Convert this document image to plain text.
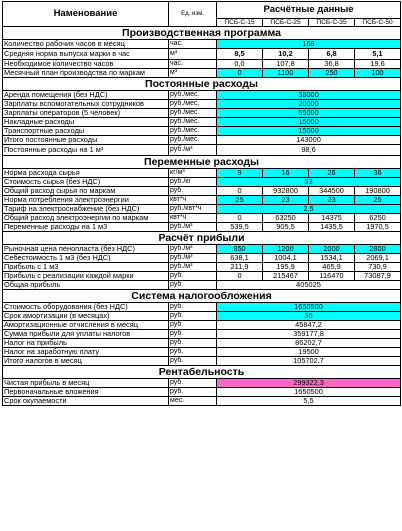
Наменование	Ед. изм.	Расчётные данные			
		ПСБ-С-15	ПСБ-С-25	ПСБ-С-35	ПСБ-С-50
Производственная программа					
Количество рабочих часов в месяц	час.	168			
Средняя норма выпуска марки в час	м³	8,5	10,2	6,8	5,1
Необходимое количество часов	час.	0,0	107,8	36,8	19,6
Месячный план производства по маркам	м³	0	1100	250	100
Постоянные расходы					
Аренда помещения (без НДС)	руб./мес.	38000			
Зарплаты вспомогательных сотрудников	руб./мес.	20000			
Зарплаты операторов (5 человек)	руб./мес.	55000			
Накладные расходы	руб./мес.	15000			
Транспортные расходы	руб./мес.	15000			
Итого постоянные расходы	руб./мес.	143000			
Постоянные расходы на 1 м³	руб./м³	98,6			
Переменные расходы					
Норма расхода сырья	кг/м³	9	16	26	36
Стоимость сырья (без НДС)	руб./кг	53			
Общий расход сырья по маркам	руб.	0	932800	344500	190800
Норма потребления электроэнергии	квт*ч	25	23	23	25
Тариф на электроснабжение (без НДС)	руб./квт*ч	2,5			
Общий расход электроэнергии по маркам	квт*ч	0	63250	14375	6250
Переменные расходы на 1 м3	руб./м³	539,5	905,5	1435,5	1970,5
Расчёт прибыли					
Рыночная цена пенопласта (без НДС)	руб./м³	850	1200	2000	2800
Себестоимость 1 м3 (без НДС)	руб./м³	638,1	1004,1	1534,1	2069,1
Прибыль с 1 м3	руб./м³	211,9	195,9	465,9	730,9
Прибыль с реализации каждой марки	руб.	0	215467	116470	73087,9
Общая прибыль	руб.	405025			
Система налогообложения					
Стоимость оборудования (без НДС)	руб.	1650500			
Срок амортизации (в месяцах)	руб.	36			
Амортизационные отчисления в месяц	руб.	45847,2			
Сумма прибыли для уплаты налогов	руб.	359177,8			
Налог на прибыль	руб.	86202,7			
Налог на заработную плату	руб.	19500			
Итого налогов в месяц	руб.	105702,7			
Рентабельность					
Чистая прибыль в месяц	руб.	299322,3			
Первоначальные вложения	руб.	1650500			
Срок окупаемости	мес.	5,5			
